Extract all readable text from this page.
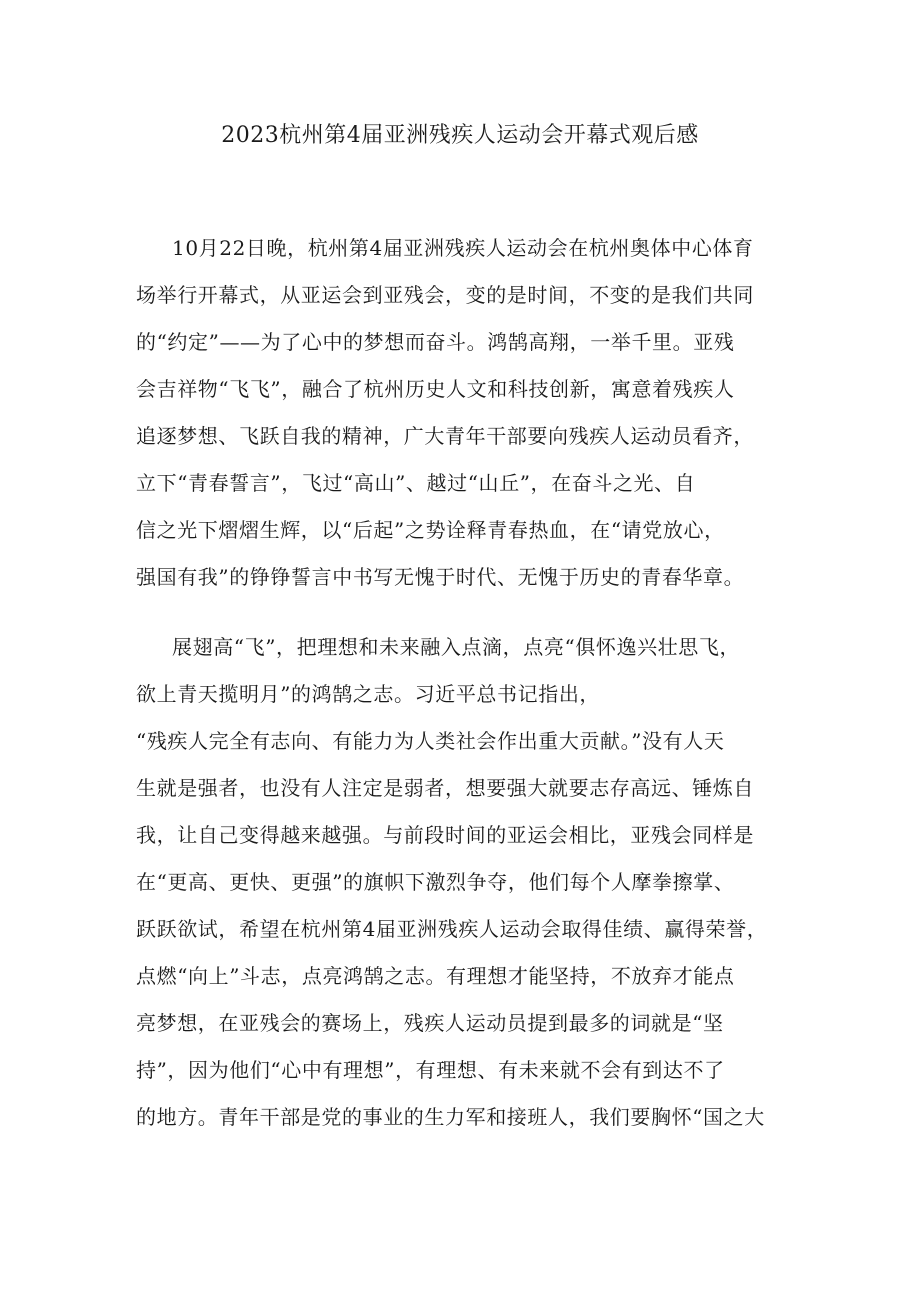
2023杭州第4届亚洲残疾人运动会开幕式观后感
10月22日晚，杭州第4届亚洲残疾人运动会在杭州奥体中心体育
场举行开幕式，从亚运会到亚残会，变的是时间，不变的是我们共同
的“约定”——为了心中的梦想而奋斗。鸿鹄高翔，一举千里。亚残
会吉祥物“飞飞”，融合了杭州历史人文和科技创新，寓意着残疾人
追逐梦想、飞跃自我的精神，广大青年干部要向残疾人运动员看齐，
立下“青春誓言”，飞过“高山”、越过“山丘”，在奋斗之光、自
信之光下熠熠生辉，以“后起”之势诠释青春热血，在“请党放心，
强国有我”的铮铮誓言中书写无愧于时代、无愧于历史的青春华章。
展翅高“飞”，把理想和未来融入点滴，点亮“俱怀逸兴壮思飞，
欲上青天揽明月”的鸿鹄之志。习近平总书记指出，
“残疾人完全有志向、有能力为人类社会作出重大贡献。”没有人天
生就是强者，也没有人注定是弱者，想要强大就要志存高远、锤炼自
我，让自己变得越来越强。与前段时间的亚运会相比，亚残会同样是
在“更高、更快、更强”的旗帜下激烈争夺，他们每个人摩拳擦掌、
跃跃欲试，希望在杭州第4届亚洲残疾人运动会取得佳绩、赢得荣誉，
点燃“向上”斗志，点亮鸿鹄之志。有理想才能坚持，不放弃才能点
亮梦想，在亚残会的赛场上，残疾人运动员提到最多的词就是“坚
持”，因为他们“心中有理想”，有理想、有未来就不会有到达不了
的地方。青年干部是党的事业的生力军和接班人，我们要胸怀“国之大
